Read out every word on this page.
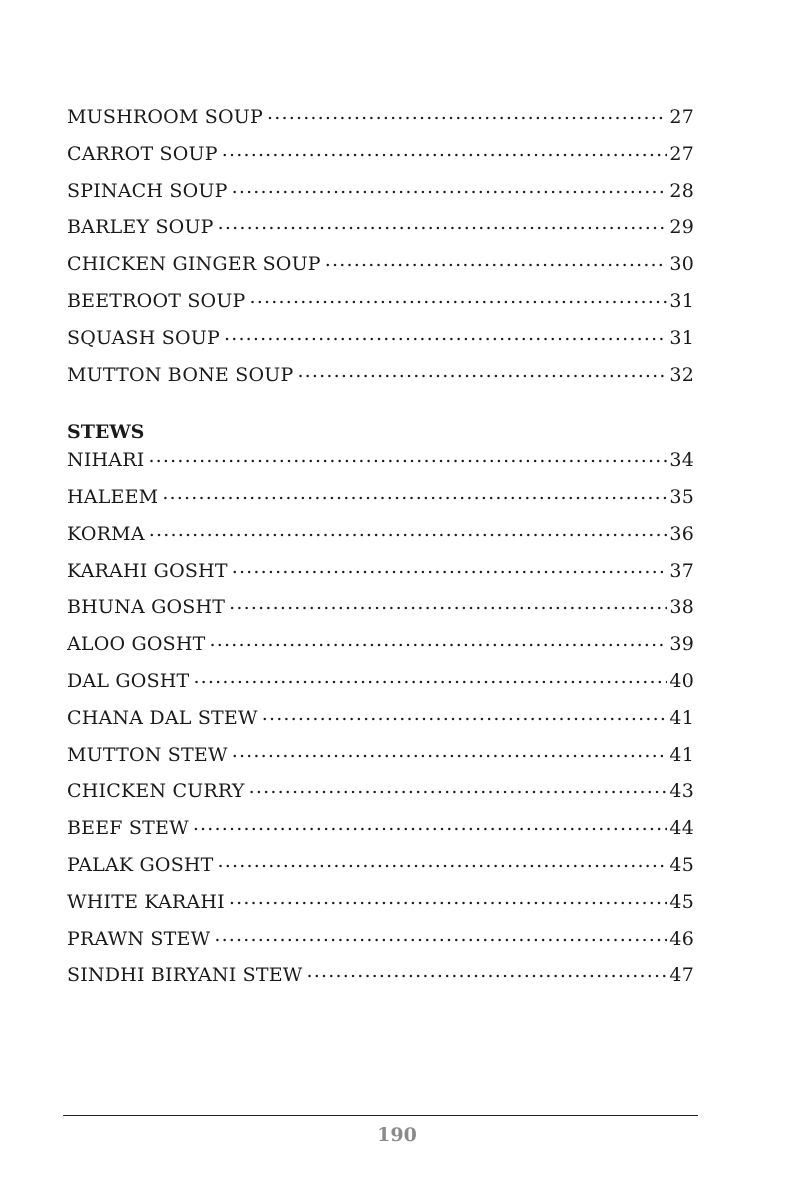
MUSHROOM SOUP .....	27
CARROT SOUP .....	27
SPINACH SOUP .....	28
BARLEY SOUP .....	29
CHICKEN GINGER SOUP .....	30
BEETROOT SOUP .....	31
SQUASH SOUP .....	31
MUTTON BONE SOUP .....	32
STEWS
NIHARI .....	34
HALEEM .....	35
KORMA .....	36
KARAHI GOSHT .....	37
BHUNA GOSHT .....	38
ALOO GOSHT .....	39
DAL GOSHT .....	40
CHANA DAL STEW .....	41
MUTTON STEW .....	41
CHICKEN CURRY .....	43
BEEF STEW .....	44
PALAK GOSHT .....	45
WHITE KARAHI .....	45
PRAWN STEW .....	46
SINDHI BIRYANI STEW .....	47
190
